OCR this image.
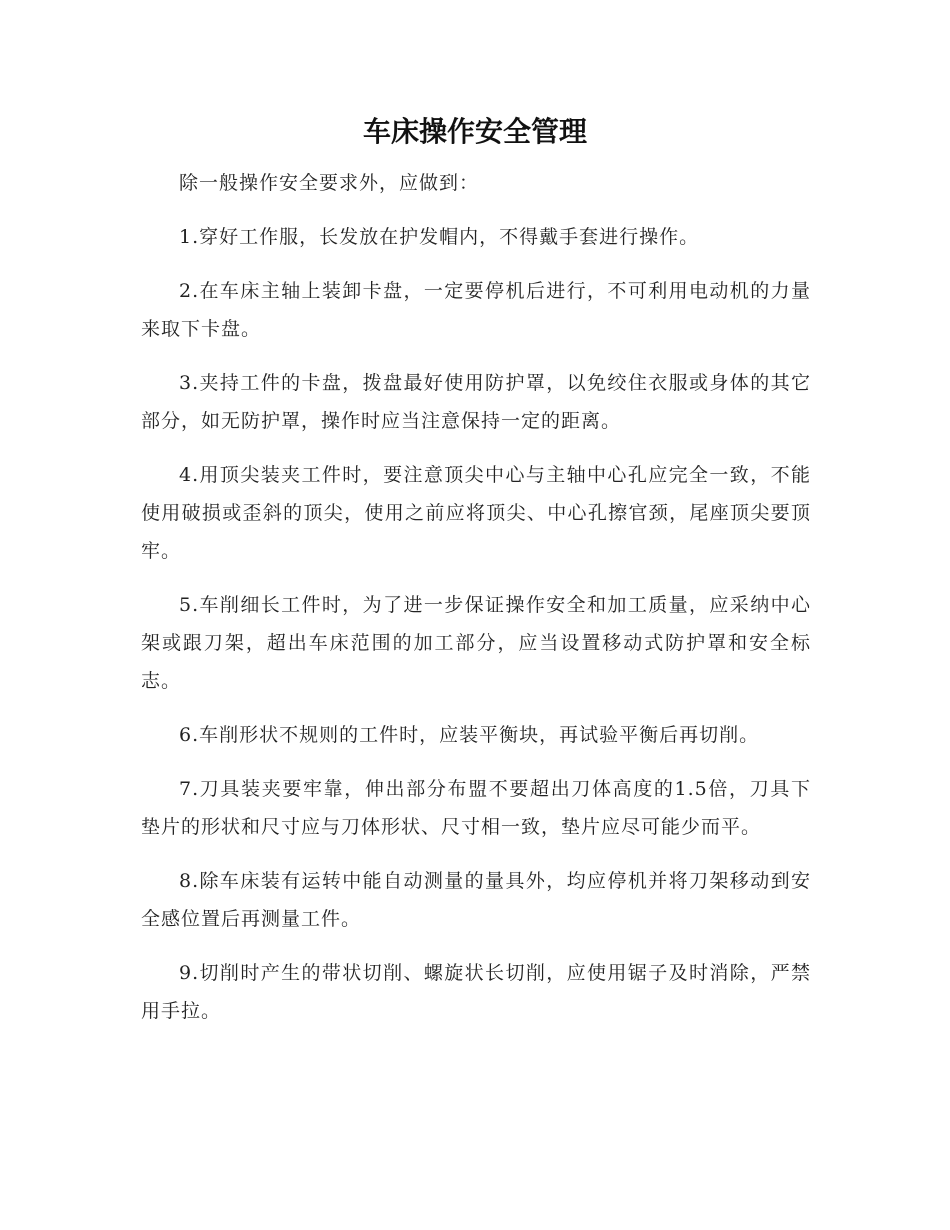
车床操作安全管理

除一般操作安全要求外，应做到：

1.穿好工作服，长发放在护发帽内，不得戴手套进行操作。

2.在车床主轴上装卸卡盘，一定要停机后进行，不可利用电动机的力量来取下卡盘。

3.夹持工件的卡盘，拨盘最好使用防护罩，以免绞住衣服或身体的其它部分，如无防护罩，操作时应当注意保持一定的距离。

4.用顶尖装夹工件时，要注意顶尖中心与主轴中心孔应完全一致，不能使用破损或歪斜的顶尖，使用之前应将顶尖、中心孔擦官颈，尾座顶尖要顶牢。

5.车削细长工件时，为了进一步保证操作安全和加工质量，应采纳中心架或跟刀架，超出车床范围的加工部分，应当设置移动式防护罩和安全标志。

6.车削形状不规则的工件时，应装平衡块，再试验平衡后再切削。

7.刀具装夹要牢靠，伸出部分布盟不要超出刀体高度的1.5倍，刀具下垫片的形状和尺寸应与刀体形状、尺寸相一致，垫片应尽可能少而平。

8.除车床装有运转中能自动测量的量具外，均应停机并将刀架移动到安全感位置后再测量工件。

9.切削时产生的带状切削、螺旋状长切削，应使用锯子及时消除，严禁用手拉。
